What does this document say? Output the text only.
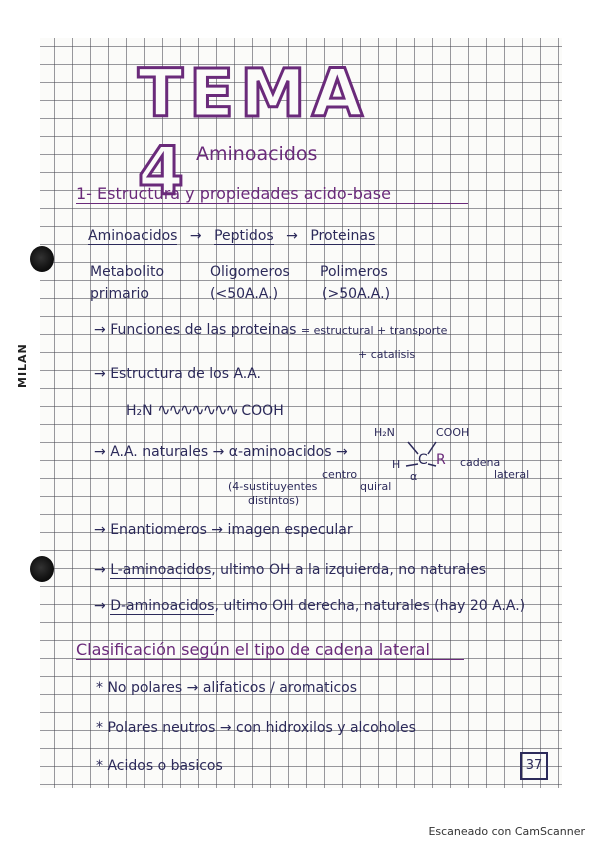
MILAN
TEMA 4 Aminoacidos
1- Estructura y propiedades acido-base
Aminoacidos → Peptidos → Proteinas
Metabolito
primario
Oligomeros
(<50A.A.)
Polimeros
(>50A.A.)
→ Funciones de las proteinas = estructural + transporte
+ catalisis
→ Estructura de los A.A.
H₂N ∿∿∿∿∿∿∿ COOH
→ A.A. naturales → α-aminoacidos →
(4-sustituyentes
distintos)
centro
quiral
H₂N	COOH
C
H
α
R cadena
lateral
→ Enantiomeros → imagen especular
→ L-aminoacidos, ultimo OH a la izquierda, no naturales
→ D-aminoacidos, ultimo OH derecha, naturales (hay 20 A.A.)
Clasificación según el tipo de cadena lateral
* No polares → alifaticos / aromaticos
* Polares neutros → con hidroxilos y alcoholes
* Acidos o basicos	37
Escaneado con CamScanner
